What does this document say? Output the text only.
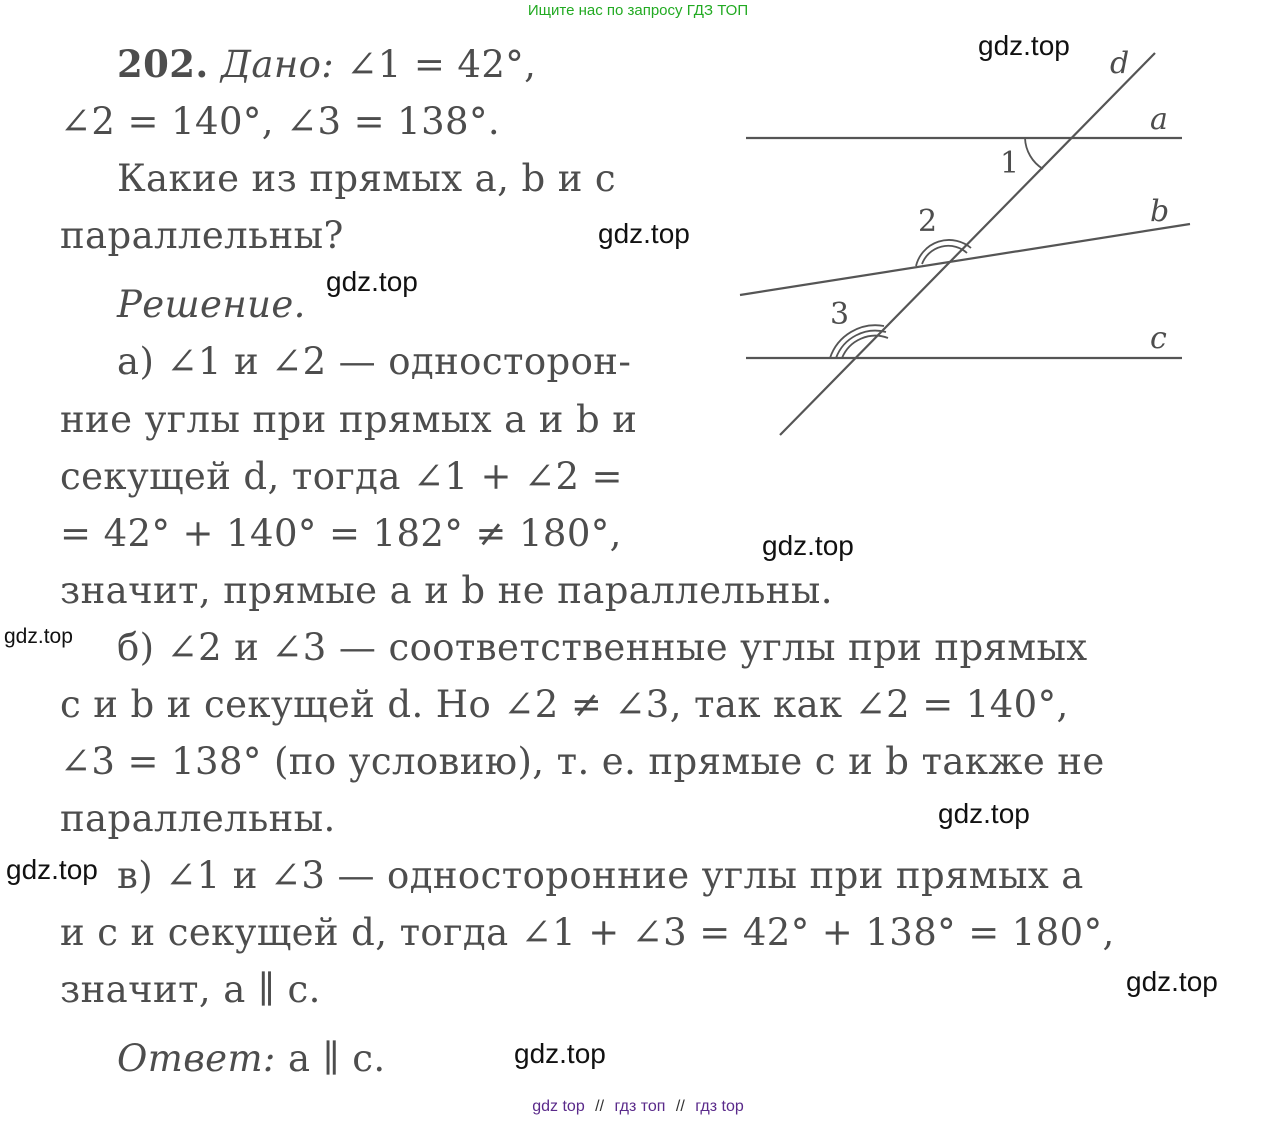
Ищите нас по запросу ГДЗ ТОП
202. Дано: ∠1 = 42°,
∠2 = 140°, ∠3 = 138°.
Какие из прямых a, b и c
параллельны?
Решение.
а) ∠1 и ∠2 — односторон-
ние углы при прямых a и b и
секущей d, тогда ∠1 + ∠2 =
= 42° + 140° = 182° ≠ 180°,
значит, прямые a и b не параллельны.
б) ∠2 и ∠3 — соответственные углы при прямых
c и b и секущей d. Но ∠2 ≠ ∠3, так как ∠2 = 140°,
∠3 = 138° (по условию), т. е. прямые c и b также не
параллельны.
в) ∠1 и ∠3 — односторонние углы при прямых a
и c и секущей d, тогда ∠1 + ∠3 = 42° + 138° = 180°,
значит, a ∥ c.
Ответ: a ∥ c.
d
a
b
c
1
2
3
gdz.top
gdz.top
gdz.top
gdz.top
gdz.top
gdz.top
gdz.top
gdz.top
gdz.top
gdz top // гдз топ // гдз top
